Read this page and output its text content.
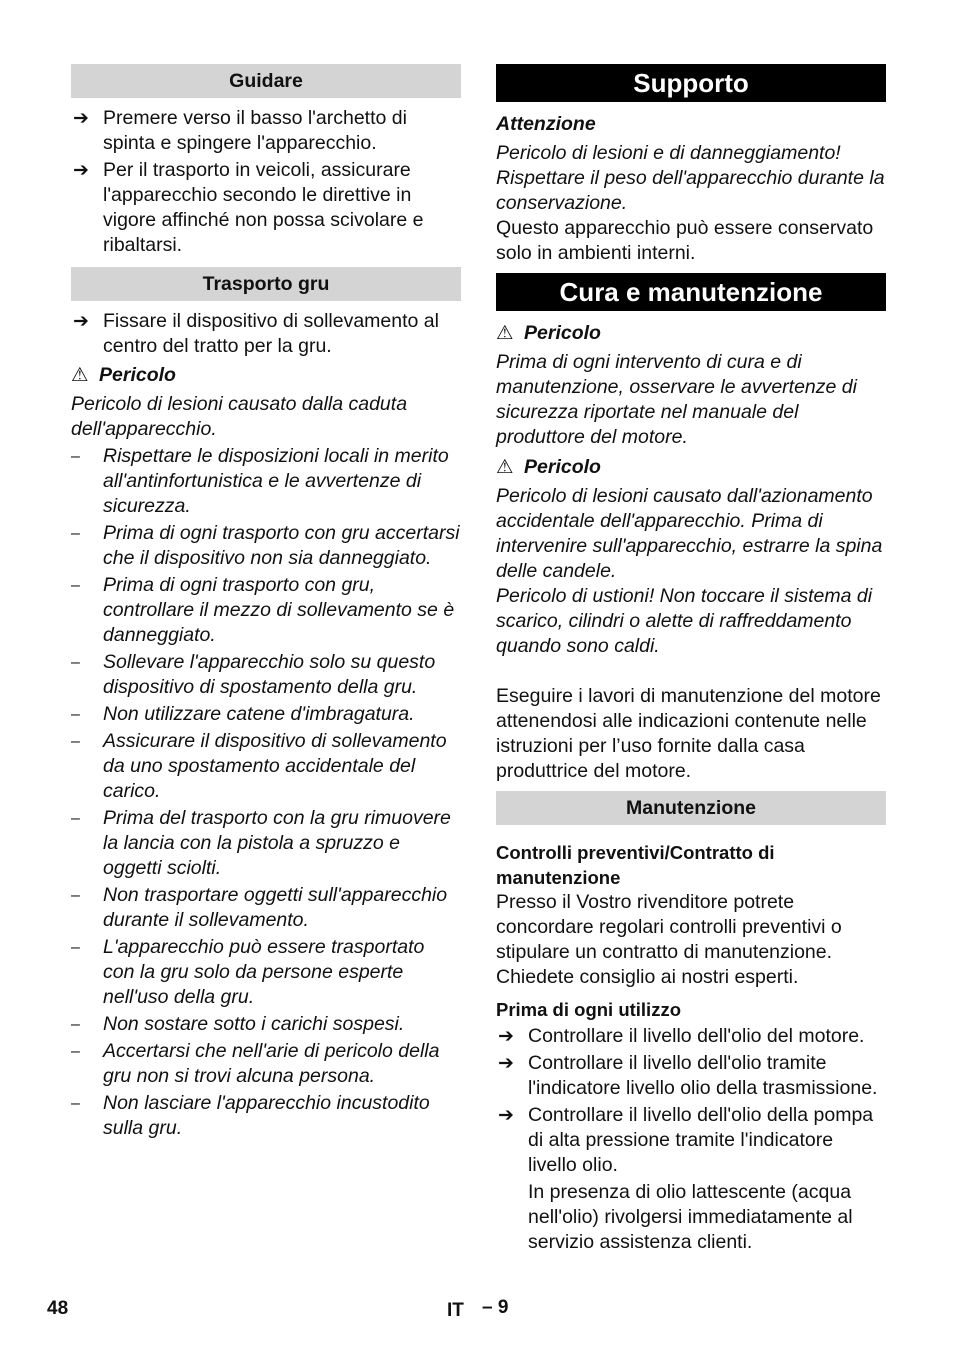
Guidare
➔ Premere verso il basso l'archetto di spinta e spingere l'apparecchio.
➔ Per il trasporto in veicoli, assicurare l'apparecchio secondo le direttive in vigore affinché non possa scivolare e ribaltarsi.
Trasporto gru
➔ Fissare il dispositivo di sollevamento al centro del tratto per la gru.
⚠ Pericolo

Pericolo di lesioni causato dalla caduta dell'apparecchio.

– Rispettare le disposizioni locali in merito all'antinfortunistica e le avvertenze di sicurezza.
– Prima di ogni trasporto con gru accertarsi che il dispositivo non sia danneggiato.
– Prima di ogni trasporto con gru, controllare il mezzo di sollevamento se è danneggiato.
– Sollevare l'apparecchio solo su questo dispositivo di spostamento della gru.
– Non utilizzare catene d'imbragatura.
– Assicurare il dispositivo di sollevamento da uno spostamento accidentale del carico.
– Prima del trasporto con la gru rimuovere la lancia con la pistola a spruzzo e oggetti sciolti.
– Non trasportare oggetti sull'apparecchio durante il sollevamento.
– L'apparecchio può essere trasportato con la gru solo da persone esperte nell'uso della gru.
– Non sostare sotto i carichi sospesi.
– Accertarsi che nell'arie di pericolo della gru non si trovi alcuna persona.
– Non lasciare l'apparecchio incustodito sulla gru.
Supporto
Attenzione

Pericolo di lesioni e di danneggiamento! Rispettare il peso dell'apparecchio durante la conservazione.

Questo apparecchio può essere conservato solo in ambienti interni.

Cura e manutenzione
⚠ Pericolo

Prima di ogni intervento di cura e di manutenzione, osservare le avvertenze di sicurezza riportate nel manuale del produttore del motore.

⚠ Pericolo

Pericolo di lesioni causato dall'azionamento accidentale dell'apparecchio. Prima di intervenire sull'apparecchio, estrarre la spina delle candele.

Pericolo di ustioni! Non toccare il sistema di scarico, cilindri o alette di raffreddamento quando sono caldi.

Eseguire i lavori di manutenzione del motore attenendosi alle indicazioni contenute nelle istruzioni per l’uso fornite dalla casa produttrice del motore.

Manutenzione
Controlli preventivi/Contratto di manutenzione

Presso il Vostro rivenditore potrete concordare regolari controlli preventivi o stipulare un contratto di manutenzione.

Chiedete consiglio ai nostri esperti.

Prima di ogni utilizzo
➔ Controllare il livello dell'olio del motore.
➔ Controllare il livello dell'olio tramite l'indicatore livello olio della trasmissione.
➔ Controllare il livello dell'olio della pompa di alta pressione tramite l'indicatore livello olio.
In presenza di olio lattescente (acqua nell'olio) rivolgersi immediatamente al servizio assistenza clienti.
48	IT – 9
